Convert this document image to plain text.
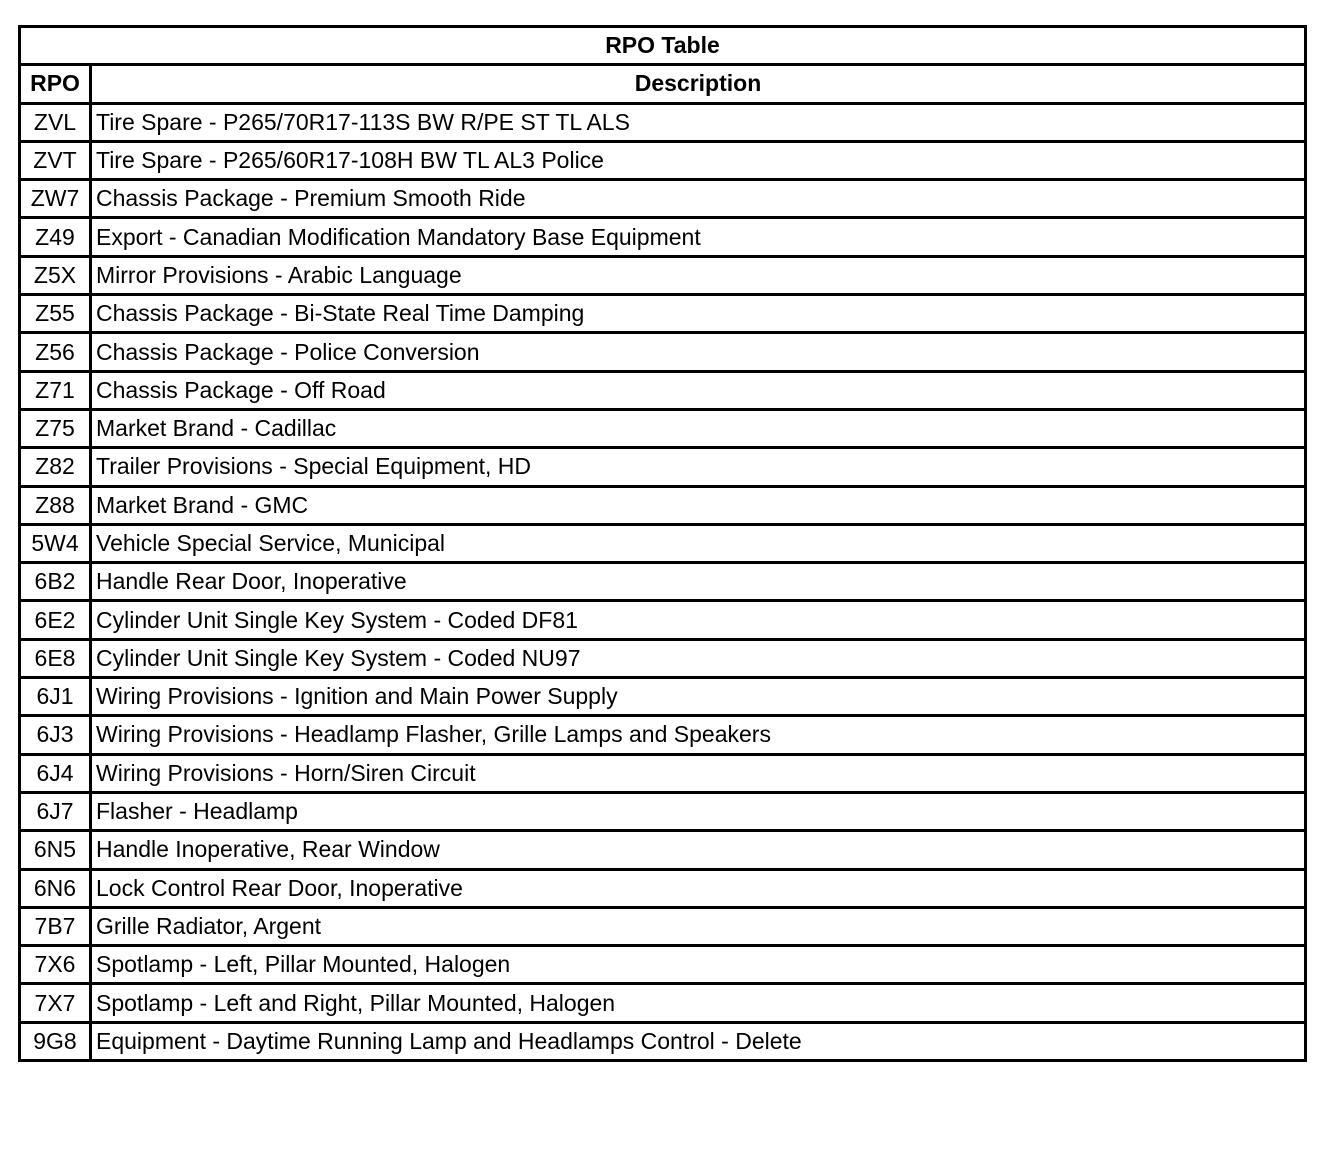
RPO Table	
RPO	Description
ZVL	Tire Spare - P265/70R17-113S BW R/PE ST TL ALS
ZVT	Tire Spare - P265/60R17-108H BW TL AL3 Police
ZW7	Chassis Package - Premium Smooth Ride
Z49	Export - Canadian Modification Mandatory Base Equipment
Z5X	Mirror Provisions - Arabic Language
Z55	Chassis Package - Bi-State Real Time Damping
Z56	Chassis Package - Police Conversion
Z71	Chassis Package - Off Road
Z75	Market Brand - Cadillac
Z82	Trailer Provisions - Special Equipment, HD
Z88	Market Brand - GMC
5W4	Vehicle Special Service, Municipal
6B2	Handle Rear Door, Inoperative
6E2	Cylinder Unit Single Key System - Coded DF81
6E8	Cylinder Unit Single Key System - Coded NU97
6J1	Wiring Provisions - Ignition and Main Power Supply
6J3	Wiring Provisions - Headlamp Flasher, Grille Lamps and Speakers
6J4	Wiring Provisions - Horn/Siren Circuit
6J7	Flasher - Headlamp
6N5	Handle Inoperative, Rear Window
6N6	Lock Control Rear Door, Inoperative
7B7	Grille Radiator, Argent
7X6	Spotlamp - Left, Pillar Mounted, Halogen
7X7	Spotlamp - Left and Right, Pillar Mounted, Halogen
9G8	Equipment - Daytime Running Lamp and Headlamps Control - Delete
